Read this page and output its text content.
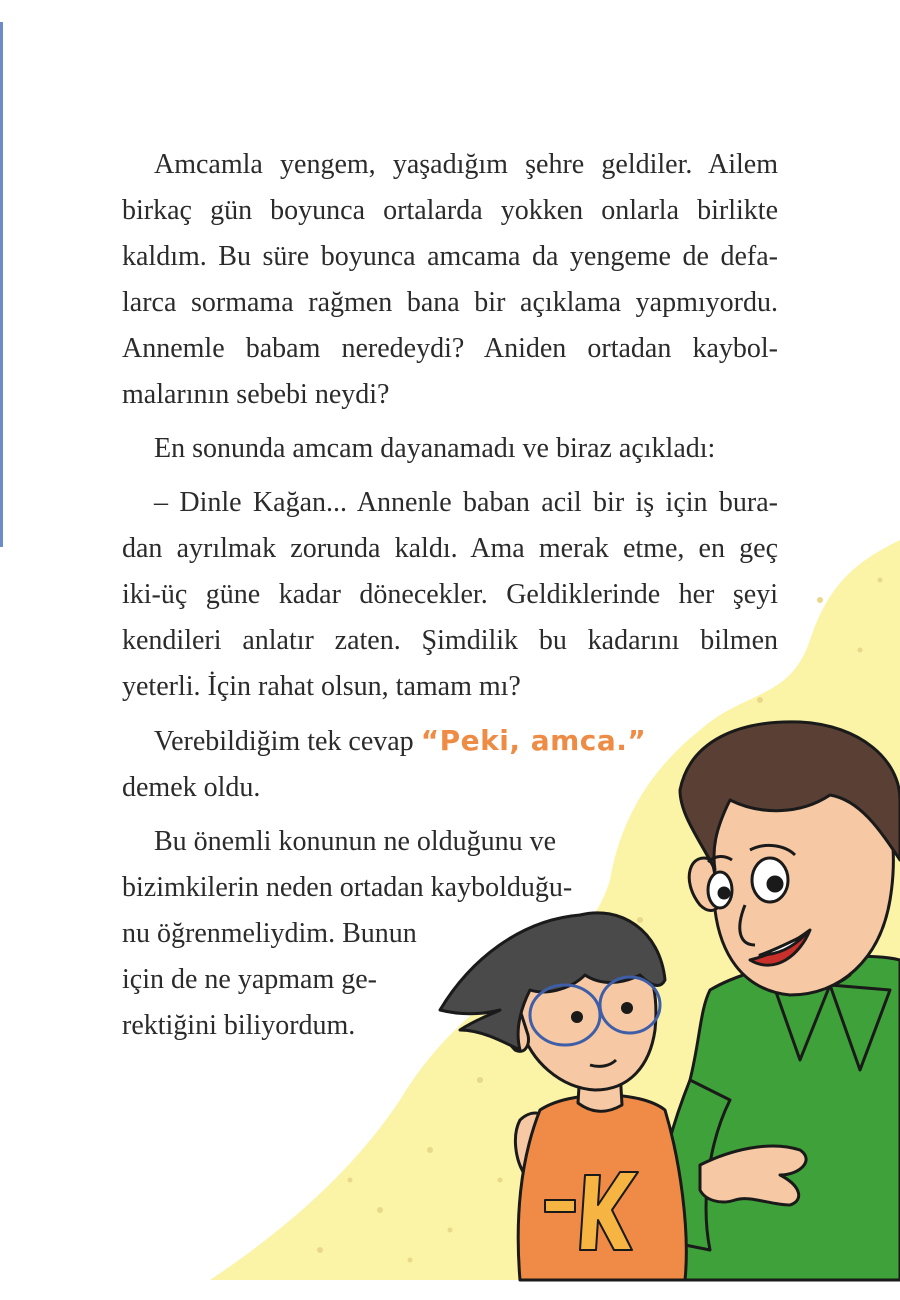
Amcamla yengem, yaşadığım şehre geldiler. Ailem
birkaç gün boyunca ortalarda yokken onlarla birlikte
kaldım. Bu süre boyunca amcama da yengeme de defa-
larca sormama rağmen bana bir açıklama yapmıyordu.
Annemle babam neredeydi? Aniden ortadan kaybol-
malarının sebebi neydi?
En sonunda amcam dayanamadı ve biraz açıkladı:
– Dinle Kağan... Annenle baban acil bir iş için bura-
dan ayrılmak zorunda kaldı. Ama merak etme, en geç
iki-üç güne kadar dönecekler. Geldiklerinde her şeyi
kendileri anlatır zaten. Şimdilik bu kadarını bilmen
yeterli. İçin rahat olsun, tamam mı?
Verebildiğim tek cevap “Peki, amca.”
demek oldu.
Bu önemli konunun ne olduğunu ve
bizimkilerin neden ortadan kaybolduğu-
nu öğrenmeliydim. Bunun
için de ne yapmam ge-
rektiğini biliyordum.
